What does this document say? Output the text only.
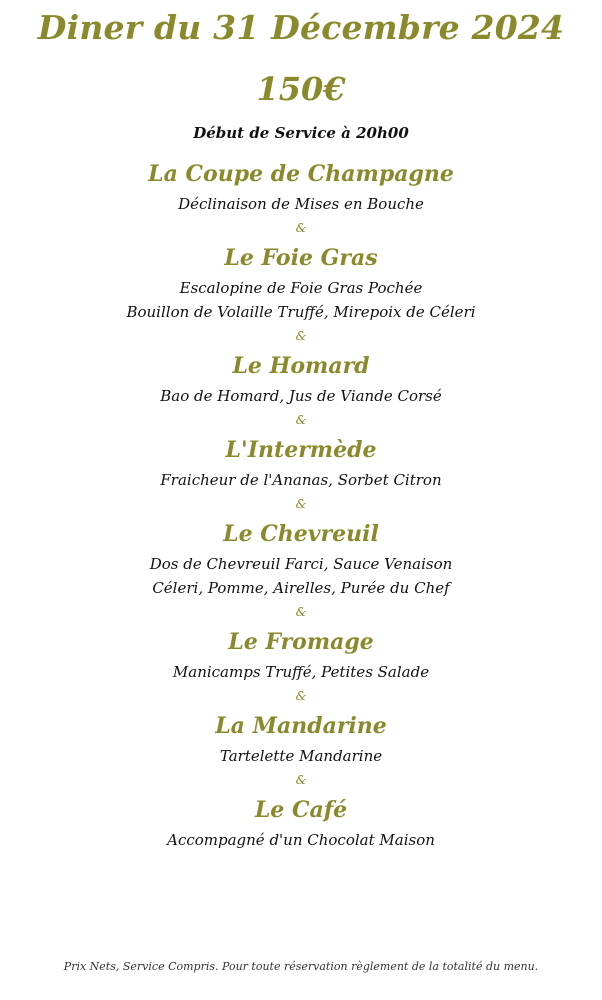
Diner du 31 Décembre 2024
150€
Début de Service à 20h00
La Coupe de Champagne
Déclinaison de Mises en Bouche
&
Le Foie Gras
Escalopine de Foie Gras Pochée
Bouillon de Volaille Truffé, Mirepoix de Céleri
&
Le Homard
Bao de Homard, Jus de Viande Corsé
&
L'Intermède
Fraicheur de l'Ananas, Sorbet Citron
&
Le Chevreuil
Dos de Chevreuil Farci, Sauce Venaison
Céleri, Pomme, Airelles, Purée du Chef
&
Le Fromage
Manicamps Truffé, Petites Salade
&
La Mandarine
Tartelette Mandarine
&
Le Café
Accompagné d'un Chocolat Maison
Prix Nets, Service Compris. Pour toute réservation règlement de la totalité du menu.
